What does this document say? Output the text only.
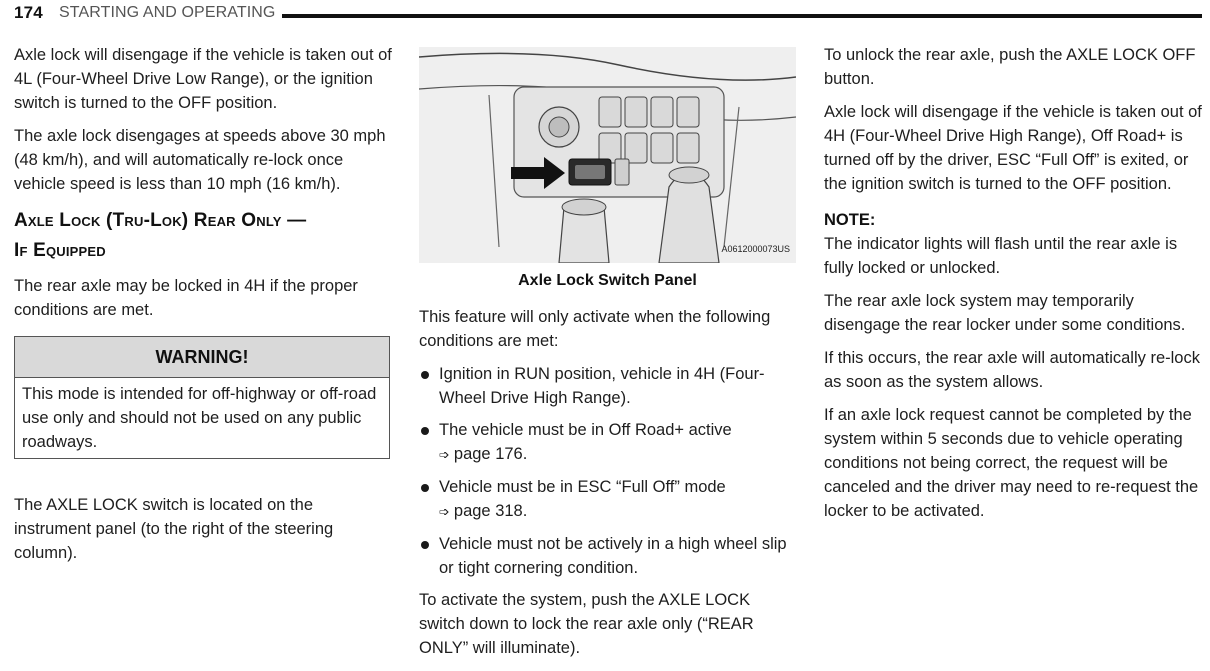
174 STARTING AND OPERATING

Axle lock will disengage if the vehicle is taken out of 4L (Four-Wheel Drive Low Range), or the ignition switch is turned to the OFF position.

The axle lock disengages at speeds above 30 mph (48 km/h), and will automatically re-lock once vehicle speed is less than 10 mph (16 km/h).

Axle Lock (Tru-Lok) Rear Only —
If Equipped

The rear axle may be locked in 4H if the proper conditions are met.

WARNING!
This mode is intended for off-highway or off-road use only and should not be used on any public roadways.

The AXLE LOCK switch is located on the instrument panel (to the right of the steering column).

A0612000073US
Axle Lock Switch Panel

This feature will only activate when the following conditions are met:

Ignition in RUN position, vehicle in 4H (Four-Wheel Drive High Range).
The vehicle must be in Off Road+ active
➩ page 176.
Vehicle must be in ESC “Full Off” mode
➩ page 318.
Vehicle must not be actively in a high wheel slip or tight cornering condition.

To activate the system, push the AXLE LOCK switch down to lock the rear axle only (“REAR ONLY” will illuminate).

To unlock the rear axle, push the AXLE LOCK OFF button.

Axle lock will disengage if the vehicle is taken out of 4H (Four-Wheel Drive High Range), Off Road+ is turned off by the driver, ESC “Full Off” is exited, or the ignition switch is turned to the OFF position.

NOTE:

The indicator lights will flash until the rear axle is fully locked or unlocked.

The rear axle lock system may temporarily disengage the rear locker under some conditions.

If this occurs, the rear axle will automatically re-lock as soon as the system allows.

If an axle lock request cannot be completed by the system within 5 seconds due to vehicle operating conditions not being correct, the request will be canceled and the driver may need to re-request the locker to be activated.
